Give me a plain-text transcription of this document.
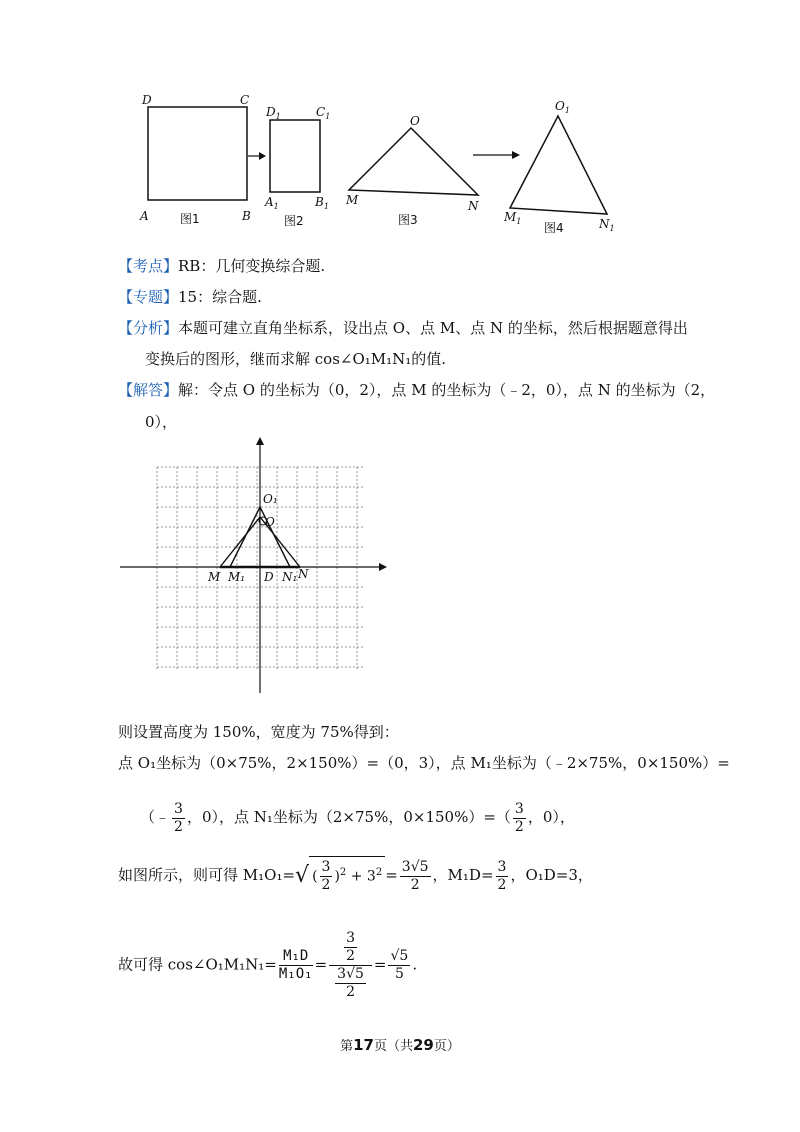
D	C
A	B
图1
$D_1$	$C_1$
$A_1$	$B_1$
图2
O
M	N
图3
$O_1$
$M_1$	$N_1$
图4
【考点】RB：几何变换综合题.
【专题】15：综合题.
【分析】本题可建立直角坐标系，设出点 O、点 M、点 N 的坐标，然后根据题意得出
变换后的图形，继而求解 cos∠O₁M₁N₁的值.
【解答】解：令点 O 的坐标为（0，2），点 M 的坐标为（﹣2，0），点 N 的坐标为（2，
0），
O₁
O
M M₁ D N₁ N
则设置高度为 150%，宽度为 75%得到：
点 O₁坐标为（0×75%，2×150%）=（0，3），点 M₁坐标为（﹣2×75%，0×150%）=
（﹣ $\frac{3}{2}$ ，0），点 N₁坐标为（2×75%，$0\times 150\%)=( \frac{3}{2}$ ，0），
如图所示，则可得 M₁O₁=√ ( $\frac{3}{2} )^2 + 3^2 = \frac{3√5}{2}$ ，$M_1D= \frac{3}{2}$ ，O₁D=3，
故可得 cos∠O₁M₁N₁= $\frac{\text{M₁D}}{\text{M₁O₁}} = \frac{\frac{3}{2}}{\frac{3√5}{2}} = \frac{√5}{5}$ .
第17页（共29页）
